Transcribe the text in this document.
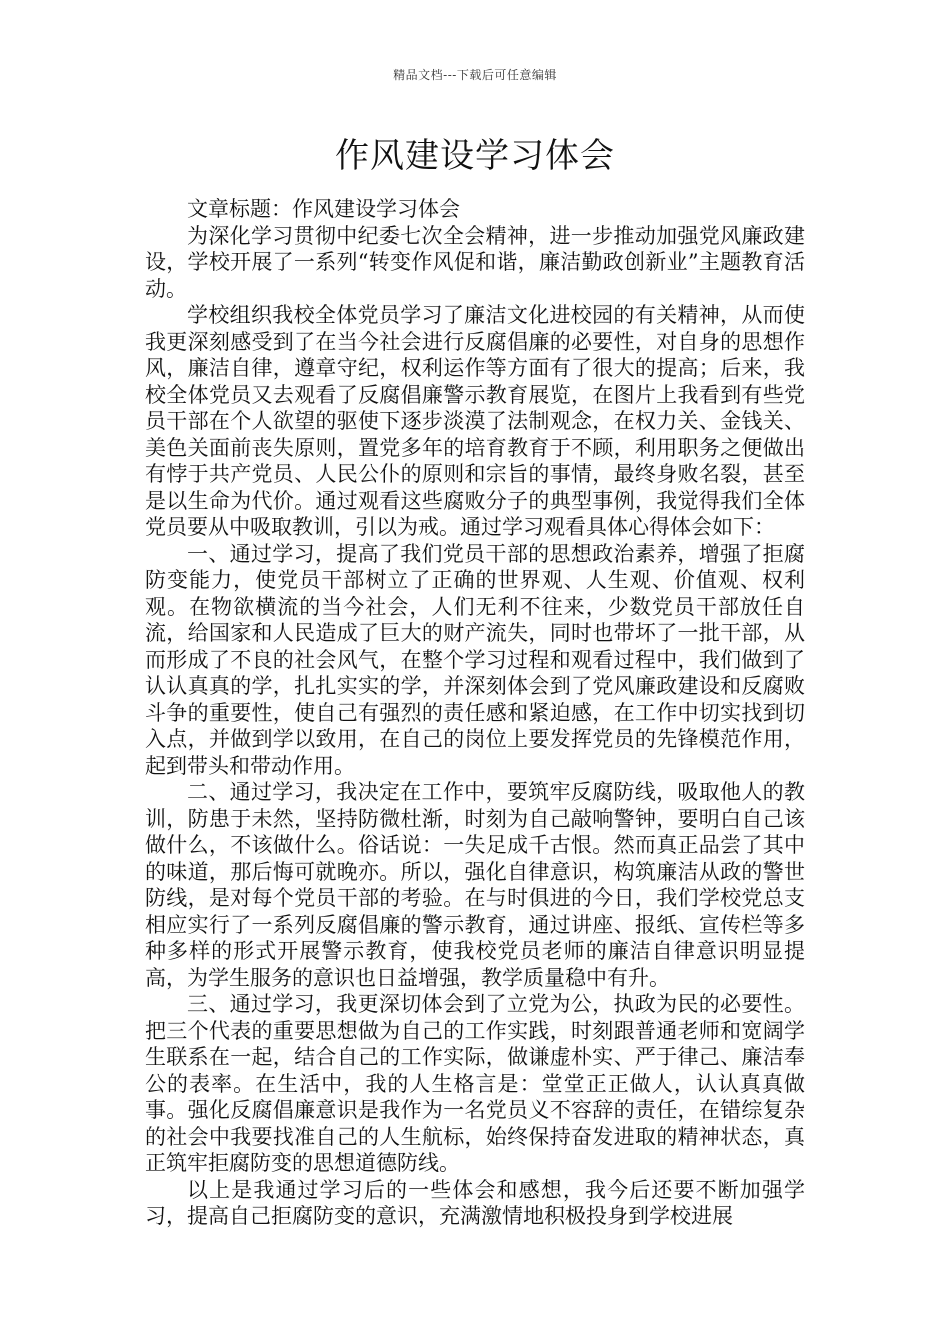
精品文档---下载后可任意编辑
作风建设学习体会

文章标题：作风建设学习体会

为深化学习贯彻中纪委七次全会精神，进一步推动加强党风廉政建设，学校开展了一系列“转变作风促和谐，廉洁勤政创新业”主题教育活动。

学校组织我校全体党员学习了廉洁文化进校园的有关精神，从而使我更深刻感受到了在当今社会进行反腐倡廉的必要性，对自身的思想作风，廉洁自律，遵章守纪，权利运作等方面有了很大的提高；后来，我校全体党员又去观看了反腐倡廉警示教育展览，在图片上我看到有些党员干部在个人欲望的驱使下逐步淡漠了法制观念，在权力关、金钱关、美色关面前丧失原则，置党多年的培育教育于不顾，利用职务之便做出有悖于共产党员、人民公仆的原则和宗旨的事情，最终身败名裂，甚至是以生命为代价。通过观看这些腐败分子的典型事例，我觉得我们全体党员要从中吸取教训，引以为戒。通过学习观看具体心得体会如下：

一、通过学习，提高了我们党员干部的思想政治素养，增强了拒腐防变能力，使党员干部树立了正确的世界观、人生观、价值观、权利观。在物欲横流的当今社会，人们无利不往来，少数党员干部放任自流，给国家和人民造成了巨大的财产流失，同时也带坏了一批干部，从而形成了不良的社会风气，在整个学习过程和观看过程中，我们做到了认认真真的学，扎扎实实的学，并深刻体会到了党风廉政建设和反腐败斗争的重要性，使自己有强烈的责任感和紧迫感，在工作中切实找到切入点，并做到学以致用，在自己的岗位上要发挥党员的先锋模范作用，起到带头和带动作用。

二、通过学习，我决定在工作中，要筑牢反腐防线，吸取他人的教训，防患于未然，坚持防微杜渐，时刻为自己敲响警钟，要明白自己该做什么，不该做什么。俗话说：一失足成千古恨。然而真正品尝了其中的味道，那后悔可就晚亦。所以，强化自律意识，构筑廉洁从政的警世防线，是对每个党员干部的考验。在与时俱进的今日，我们学校党总支相应实行了一系列反腐倡廉的警示教育，通过讲座、报纸、宣传栏等多种多样的形式开展警示教育，使我校党员老师的廉洁自律意识明显提高，为学生服务的意识也日益增强，教学质量稳中有升。

三、通过学习，我更深切体会到了立党为公，执政为民的必要性。把三个代表的重要思想做为自己的工作实践，时刻跟普通老师和宽阔学生联系在一起，结合自己的工作实际，做谦虚朴实、严于律己、廉洁奉公的表率。在生活中，我的人生格言是：堂堂正正做人，认认真真做事。强化反腐倡廉意识是我作为一名党员义不容辞的责任，在错综复杂的社会中我要找准自己的人生航标，始终保持奋发进取的精神状态，真正筑牢拒腐防变的思想道德防线。

以上是我通过学习后的一些体会和感想，我今后还要不断加强学习，提高自己拒腐防变的意识，充满激情地积极投身到学校进展
